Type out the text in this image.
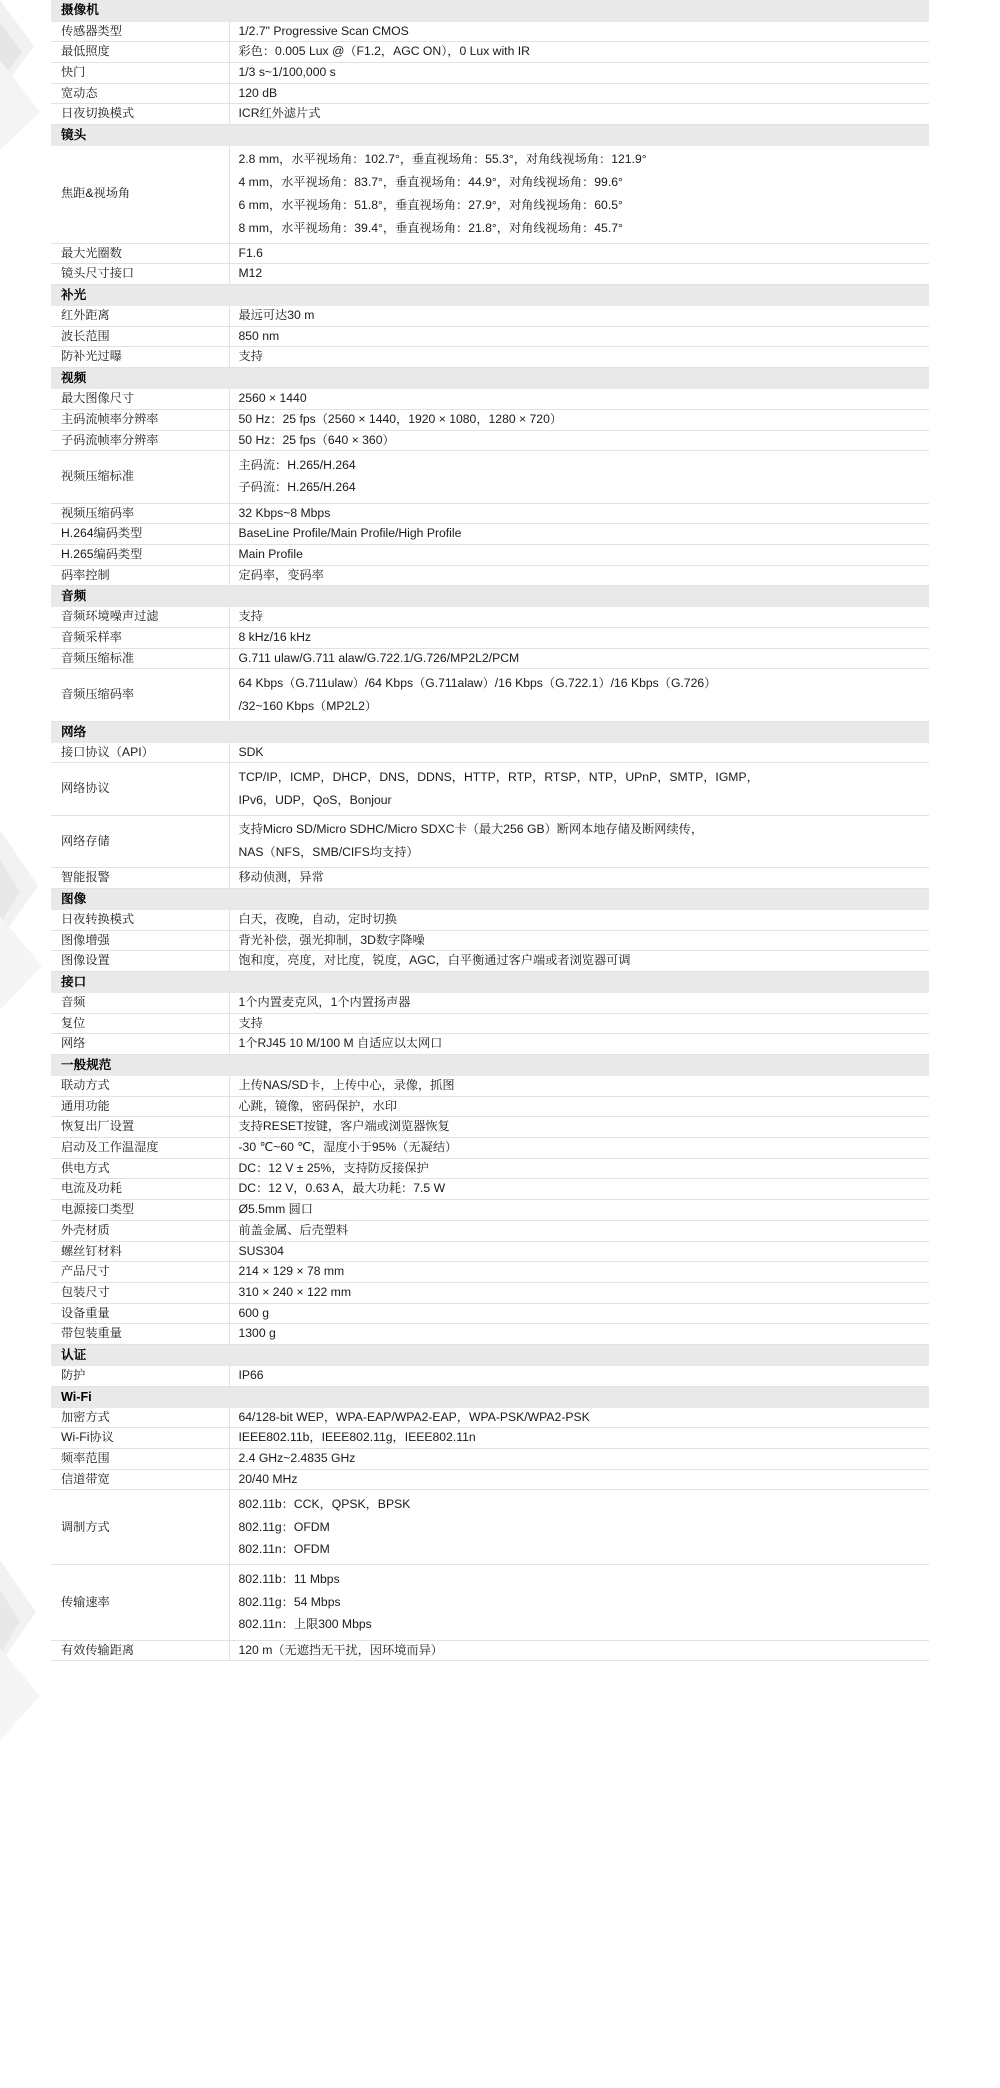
摄像机	
传感器类型	1/2.7" Progressive Scan CMOS

最低照度	彩色：0.005 Lux @（F1.2，AGC ON），0 Lux with IR

快门	1/3 s~1/100,000 s

宽动态	120 dB

日夜切换模式	ICR红外滤片式

镜头	
焦距&视场角	2.8 mm，水平视场角：102.7°，垂直视场角：55.3°，对角线视场角：121.9°
4 mm，水平视场角：83.7°，垂直视场角：44.9°，对角线视场角：99.6°
6 mm，水平视场角：51.8°，垂直视场角：27.9°，对角线视场角：60.5°
8 mm，水平视场角：39.4°，垂直视场角：21.8°，对角线视场角：45.7°

最大光圈数	F1.6

镜头尺寸接口	M12

补光	
红外距离	最远可达30 m

波长范围	850 nm

防补光过曝	支持

视频	
最大图像尺寸	2560 × 1440

主码流帧率分辨率	50 Hz：25 fps（2560 × 1440，1920 × 1080，1280 × 720）

子码流帧率分辨率	50 Hz：25 fps（640 × 360）

视频压缩标准	主码流：H.265/H.264
子码流：H.265/H.264

视频压缩码率	32 Kbps~8 Mbps

H.264编码类型	BaseLine Profile/Main Profile/High Profile

H.265编码类型	Main Profile

码率控制	定码率，变码率

音频	
音频环境噪声过滤	支持

音频采样率	8 kHz/16 kHz

音频压缩标准	G.711 ulaw/G.711 alaw/G.722.1/G.726/MP2L2/PCM

音频压缩码率	64 Kbps（G.711ulaw）/64 Kbps（G.711alaw）/16 Kbps（G.722.1）/16 Kbps（G.726）
/32~160 Kbps（MP2L2）

网络	
接口协议（API）	SDK

网络协议	TCP/IP，ICMP，DHCP，DNS，DDNS，HTTP，RTP，RTSP，NTP，UPnP，SMTP，IGMP，
IPv6，UDP，QoS，Bonjour

网络存储	支持Micro SD/Micro SDHC/Micro SDXC卡（最大256 GB）断网本地存储及断网续传，
NAS（NFS，SMB/CIFS均支持）

智能报警	移动侦测，异常

图像	
日夜转换模式	白天，夜晚，自动，定时切换

图像增强	背光补偿，强光抑制，3D数字降噪

图像设置	饱和度，亮度，对比度，锐度，AGC，白平衡通过客户端或者浏览器可调

接口	
音频	1个内置麦克风，1个内置扬声器

复位	支持

网络	1个RJ45 10 M/100 M 自适应以太网口

一般规范	
联动方式	上传NAS/SD卡，上传中心，录像，抓图

通用功能	心跳，镜像，密码保护，水印

恢复出厂设置	支持RESET按键，客户端或浏览器恢复

启动及工作温湿度	-30 ℃~60 ℃，湿度小于95%（无凝结）

供电方式	DC：12 V ± 25%，支持防反接保护

电流及功耗	DC：12 V，0.63 A，最大功耗：7.5 W

电源接口类型	Ø5.5mm 圆口

外壳材质	前盖金属、后壳塑料

螺丝钉材料	SUS304

产品尺寸	214 × 129 × 78 mm

包装尺寸	310 × 240 × 122 mm

设备重量	600 g

带包装重量	1300 g

认证	
防护	IP66

Wi-Fi	
加密方式	64/128-bit WEP，WPA-EAP/WPA2-EAP，WPA-PSK/WPA2-PSK

Wi-Fi协议	IEEE802.11b，IEEE802.11g，IEEE802.11n

频率范围	2.4 GHz~2.4835 GHz

信道带宽	20/40 MHz

调制方式	802.11b：CCK，QPSK，BPSK
802.11g：OFDM
802.11n：OFDM

传输速率	802.11b：11 Mbps
802.11g：54 Mbps
802.11n：上限300 Mbps

有效传输距离	120 m（无遮挡无干扰，因环境而异）
